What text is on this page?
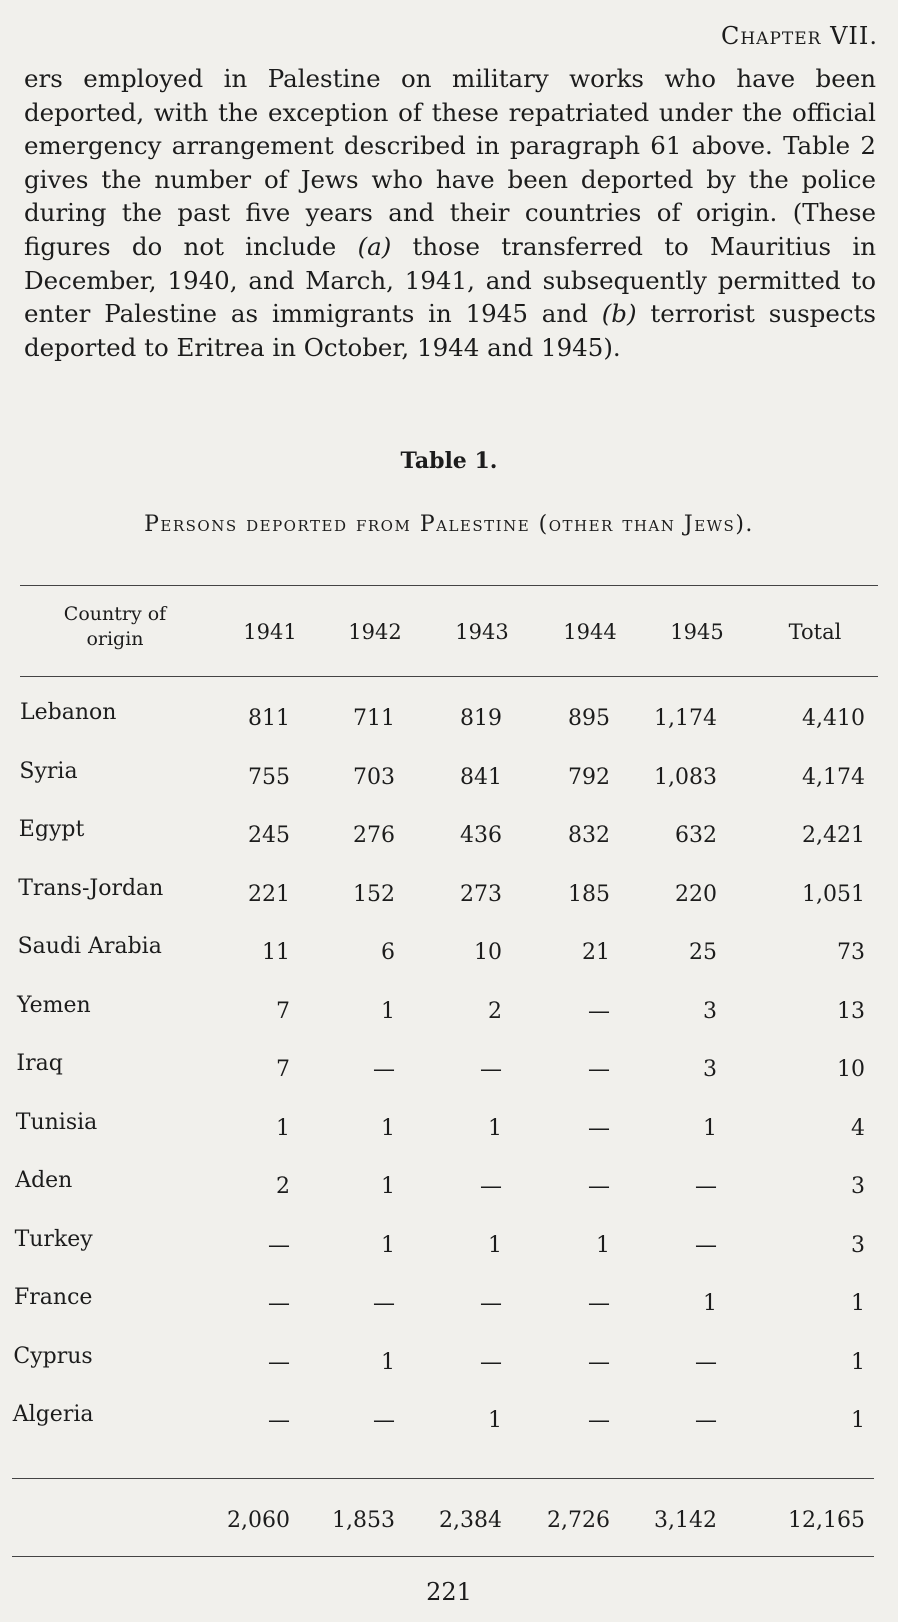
Chapter VII.

ers employed in Palestine on military works who have been deported, with the exception of these repatriated under the official emergency arrangement described in paragraph 61 above. Table 2 gives the number of Jews who have been deported by the police during the past five years and their countries of origin. (These figures do not include (a) those transferred to Mauritius in December, 1940, and March, 1941, and subsequently permitted to enter Palestine as immigrants in 1945 and (b) terrorist suspects deported to Eritrea in October, 1944 and 1945).

Table 1.
Persons deported from Palestine (other than Jews).
Country of origin	1941	1942	1943	1944	1945	Total
Lebanon	811	711	819	895	1,174	4,410
Syria	755	703	841	792	1,083	4,174
Egypt	245	276	436	832	632	2,421
Trans-Jordan	221	152	273	185	220	1,051
Saudi Arabia	11	6	10	21	25	73
Yemen	7	1	2	—	3	13
Iraq	7	—	—	—	3	10
Tunisia	1	1	1	—	1	4
Aden	2	1	—	—	—	3
Turkey	—	1	1	1	—	3
France	—	—	—	—	1	1
Cyprus	—	1	—	—	—	1
Algeria	—	—	1	—	—	1
2,060	1,853	2,384	2,726	3,142	12,165
221
